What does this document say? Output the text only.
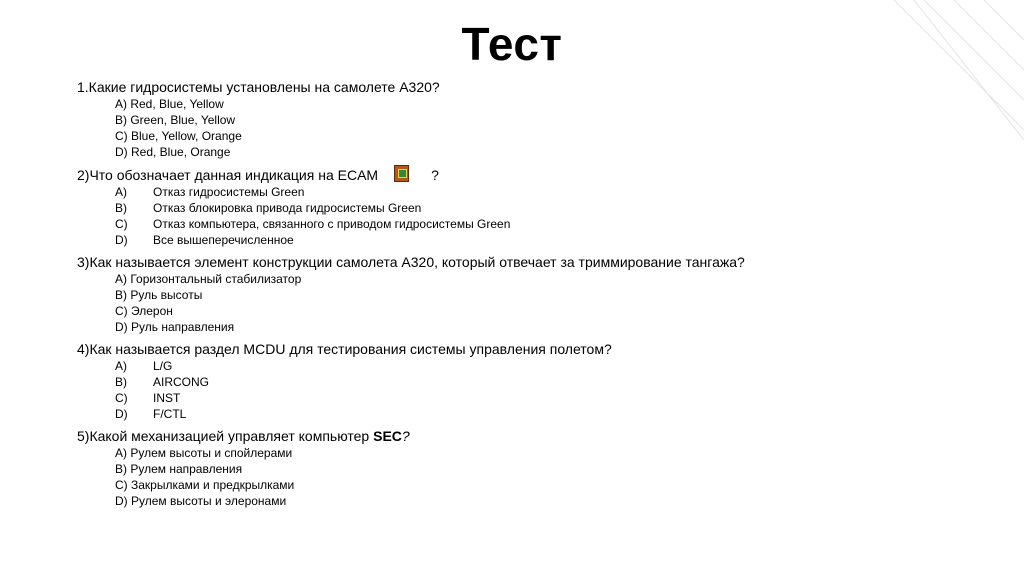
Тест

1.Какие гидросистемы установлены на самолете A320?

A) Red, Blue, Yellow
B) Green, Blue, Yellow
C) Blue, Yellow, Orange
D) Red, Blue, Orange

2)Что обозначает данная индикация на ECAM	?

A) Отказ гидросистемы Green
B) Отказ блокировка привода гидросистемы Green
C) Отказ компьютера, связанного с приводом гидросистемы Green
D) Все вышеперечисленное

3)Как называется элемент конструкции самолета A320, который отвечает за триммирование тангажа?

A) Горизонтальный стабилизатор
B) Руль высоты
C) Элерон
D) Руль направления

4)Как называется раздел MCDU для тестирования системы управления полетом?

A) L/G
B) AIRCONG
C) INST
D) F/CTL

5)Какой механизацией управляет компьютер SEC?

A) Рулем высоты и спойлерами
B) Рулем направления
C) Закрылками и предкрылками
D) Рулем высоты и элеронами
